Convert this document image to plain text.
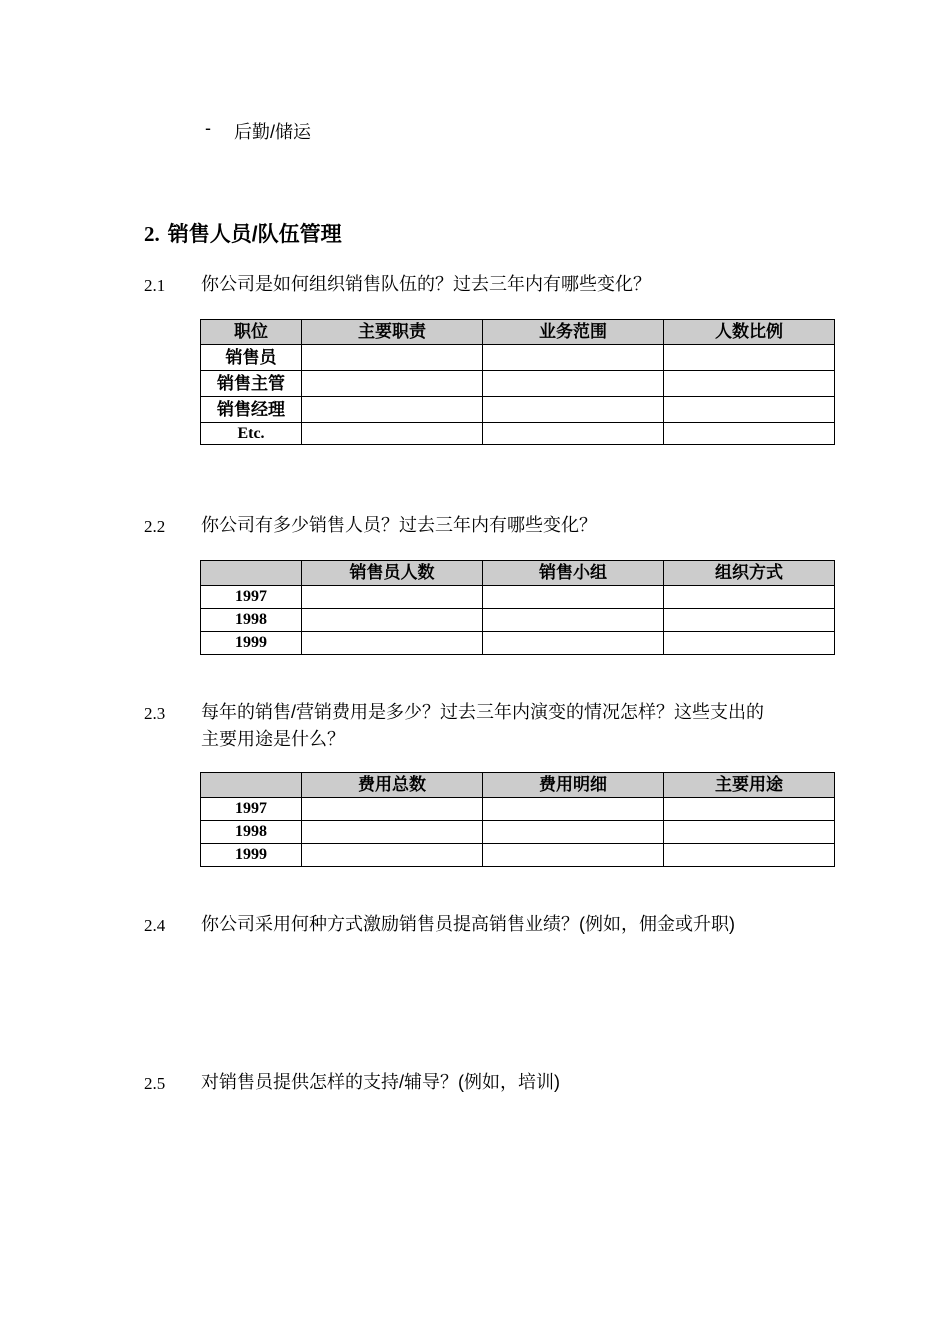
- 后勤/储运
2. 销售人员/队伍管理
2.1 你公司是如何组织销售队伍的？过去三年内有哪些变化？
职位	主要职责	业务范围	人数比例
销售员			
销售主管			
销售经理			
Etc.			
2.2 你公司有多少销售人员？过去三年内有哪些变化？
	销售员人数	销售小组	组织方式
1997			
1998			
1999			
2.3 每年的销售/营销费用是多少？过去三年内演变的情况怎样？这些支出的
主要用途是什么？
	费用总数	费用明细	主要用途
1997			
1998			
1999			
2.4 你公司采用何种方式激励销售员提高销售业绩？(例如，佣金或升职)
2.5 对销售员提供怎样的支持/辅导？(例如，培训)
